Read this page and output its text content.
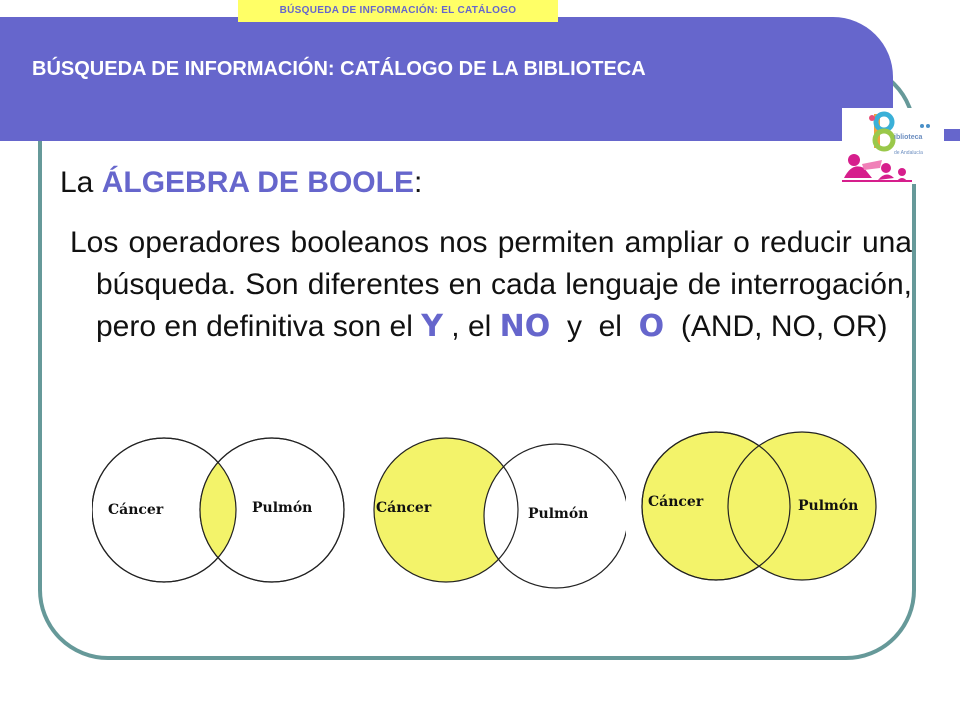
BÚSQUEDA DE INFORMACIÓN: EL CATÁLOGO
BÚSQUEDA DE INFORMACIÓN: CATÁLOGO DE LA BIBLIOTECA
iblioteca
de Andalucía
La ÁLGEBRA DE BOOLE:
Los operadores booleanos nos permiten ampliar o reducir una búsqueda. Son diferentes en cada lenguaje de interrogación, pero en definitiva son el Y , el NO  y  el  O  (AND, NO, OR)
Cáncer	Pulmón	Cáncer	Pulmón
Cáncer	Pulmón
